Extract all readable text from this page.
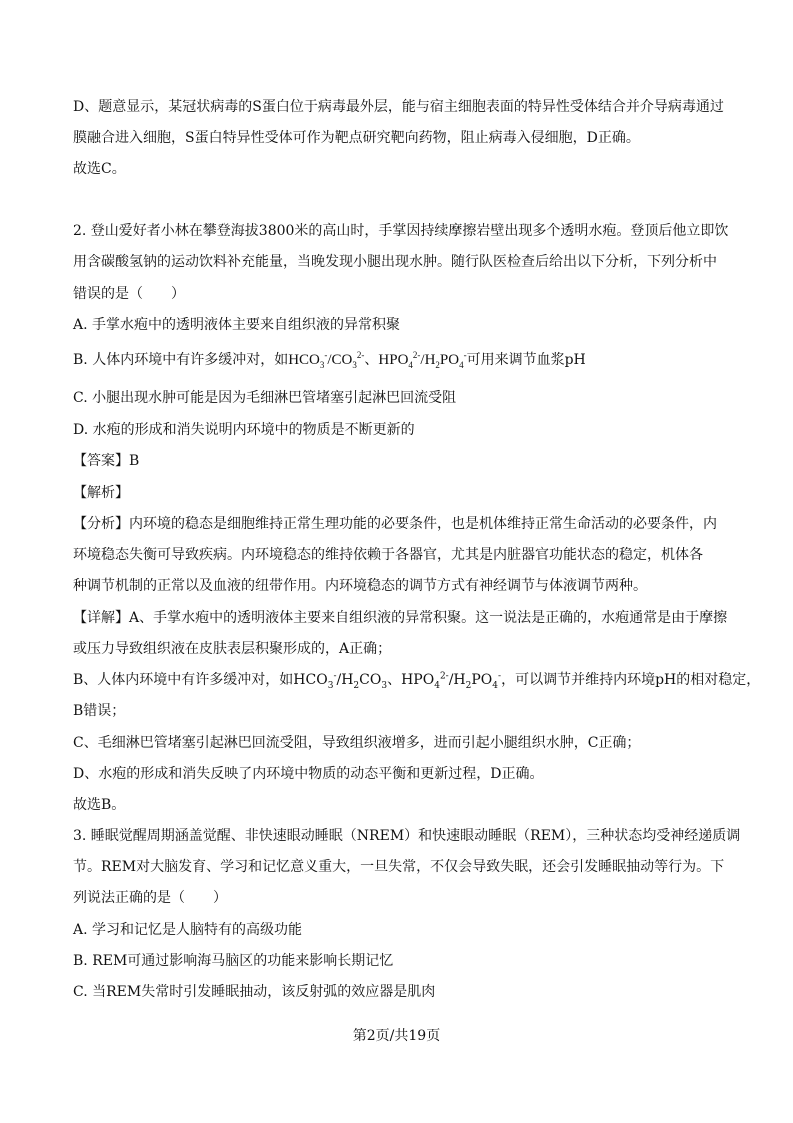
D、题意显示，某冠状病毒的S蛋白位于病毒最外层，能与宿主细胞表面的特异性受体结合并介导病毒通过
膜融合进入细胞，S蛋白特异性受体可作为靶点研究靶向药物，阻止病毒入侵细胞，D正确。
故选C。
2. 登山爱好者小林在攀登海拔3800米的高山时，手掌因持续摩擦岩壁出现多个透明水疱。登顶后他立即饮
用含碳酸氢钠的运动饮料补充能量，当晚发现小腿出现水肿。随行队医检查后给出以下分析，下列分析中
错误的是（　　）
A. 手掌水疱中的透明液体主要来自组织液的异常积聚
B. 人体内环境中有许多缓冲对，如$HCO_3^-/CO_3^{2-}$、$HPO_4^{2-}/H_2PO_4^-$可用来调节血浆pH
C. 小腿出现水肿可能是因为毛细淋巴管堵塞引起淋巴回流受阻
D. 水疱的形成和消失说明内环境中的物质是不断更新的
【答案】B
【解析】
【分析】内环境的稳态是细胞维持正常生理功能的必要条件，也是机体维持正常生命活动的必要条件，内
环境稳态失衡可导致疾病。内环境稳态的维持依赖于各器官，尤其是内脏器官功能状态的稳定，机体各
种调节机制的正常以及血液的纽带作用。内环境稳态的调节方式有神经调节与体液调节两种。
【详解】A、手掌水疱中的透明液体主要来自组织液的异常积聚。这一说法是正确的，水疱通常是由于摩擦
或压力导致组织液在皮肤表层积聚形成的，A正确；
B、人体内环境中有许多缓冲对，如$HCO_3^-/H_2CO_3$、$HPO_4^{2-}/H_2PO_4^-$，可以调节并维持内环境pH的相对稳定，
B错误；
C、毛细淋巴管堵塞引起淋巴回流受阻，导致组织液增多，进而引起小腿组织水肿，C正确；
D、水疱的形成和消失反映了内环境中物质的动态平衡和更新过程，D正确。
故选B。
3. 睡眠觉醒周期涵盖觉醒、非快速眼动睡眠（NREM）和快速眼动睡眠（REM），三种状态均受神经递质调
节。REM对大脑发育、学习和记忆意义重大，一旦失常，不仅会导致失眠，还会引发睡眠抽动等行为。下
列说法正确的是（　　）
A. 学习和记忆是人脑特有的高级功能
B. REM可通过影响海马脑区的功能来影响长期记忆
C. 当REM失常时引发睡眠抽动，该反射弧的效应器是肌肉
第2页/共19页
